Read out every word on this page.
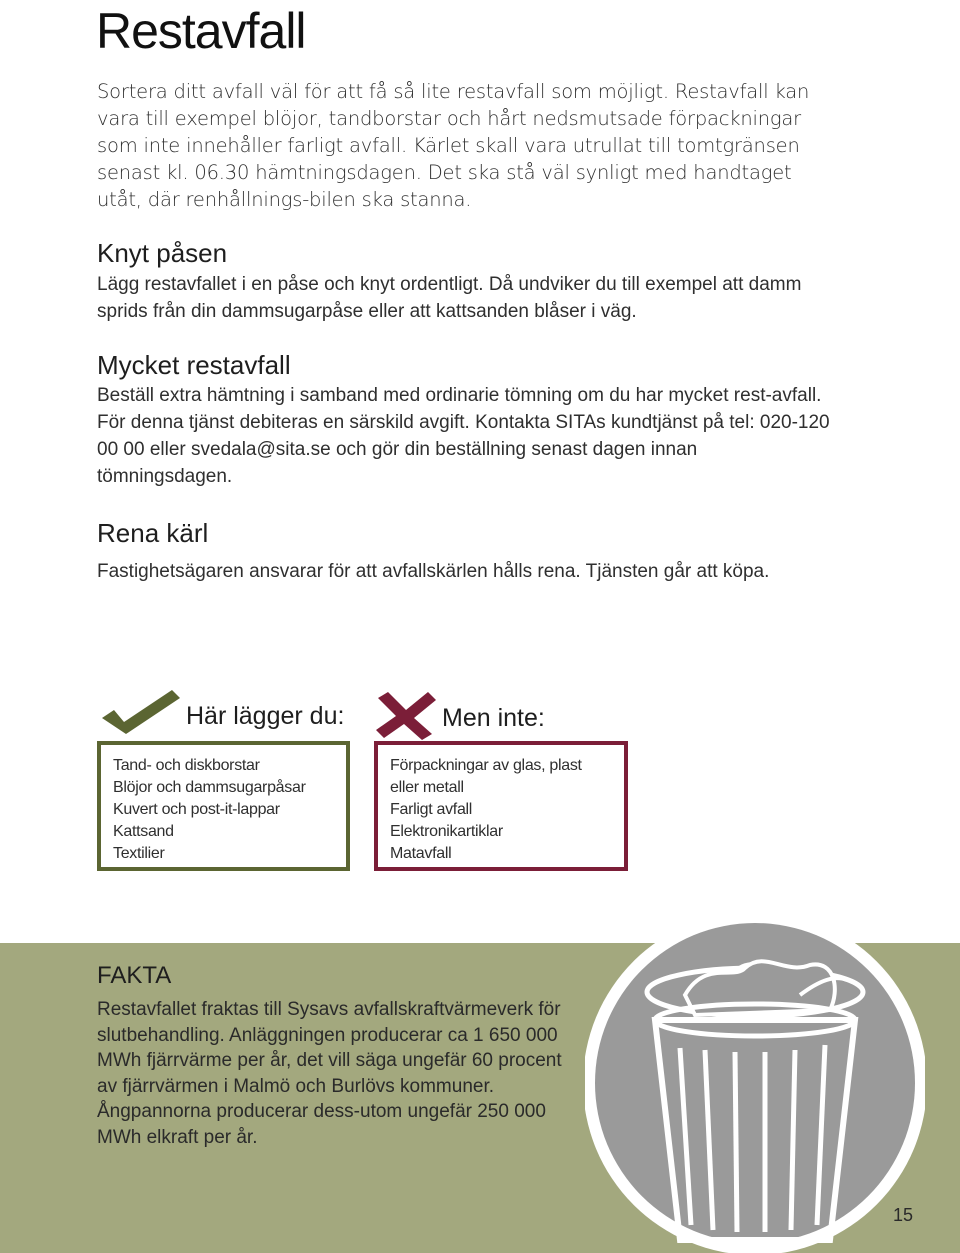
Restavfall

Sortera ditt avfall väl för att få så lite restavfall som möjligt. Restavfall kan vara till exempel blöjor, tandborstar och hårt nedsmutsade förpackningar som inte innehåller farligt avfall. Kärlet skall vara utrullat till tomtgränsen senast kl. 06.30 hämtningsdagen. Det ska stå väl synligt med handtaget utåt, där renhållnings-bilen ska stanna.

Knyt påsen

Lägg restavfallet i en påse och knyt ordentligt. Då undviker du till exempel att damm sprids från din dammsugarpåse eller att kattsanden blåser i väg.

Mycket restavfall

Beställ extra hämtning i samband med ordinarie tömning om du har mycket rest-avfall. För denna tjänst debiteras en särskild avgift. Kontakta SITAs kundtjänst på tel: 020-120 00 00 eller svedala@sita.se och gör din beställning senast dagen innan tömningsdagen.

Rena kärl

Fastighetsägaren ansvarar för att avfallskärlen hålls rena. Tjänsten går att köpa.

Här lägger du:
Tand- och diskborstar
Blöjor och dammsugarpåsar
Kuvert och post-it-lappar
Kattsand
Textilier
Men inte:
Förpackningar av glas, plast
eller metall
Farligt avfall
Elektronikartiklar
Matavfall
FAKTA

Restavfallet fraktas till Sysavs avfallskraftvärmeverk för slutbehandling. Anläggningen producerar ca 1 650 000 MWh fjärrvärme per år, det vill säga ungefär 60 procent av fjärrvärmen i Malmö och Burlövs kommuner. Ångpannorna producerar dess-utom ungefär 250 000 MWh elkraft per år.

15
